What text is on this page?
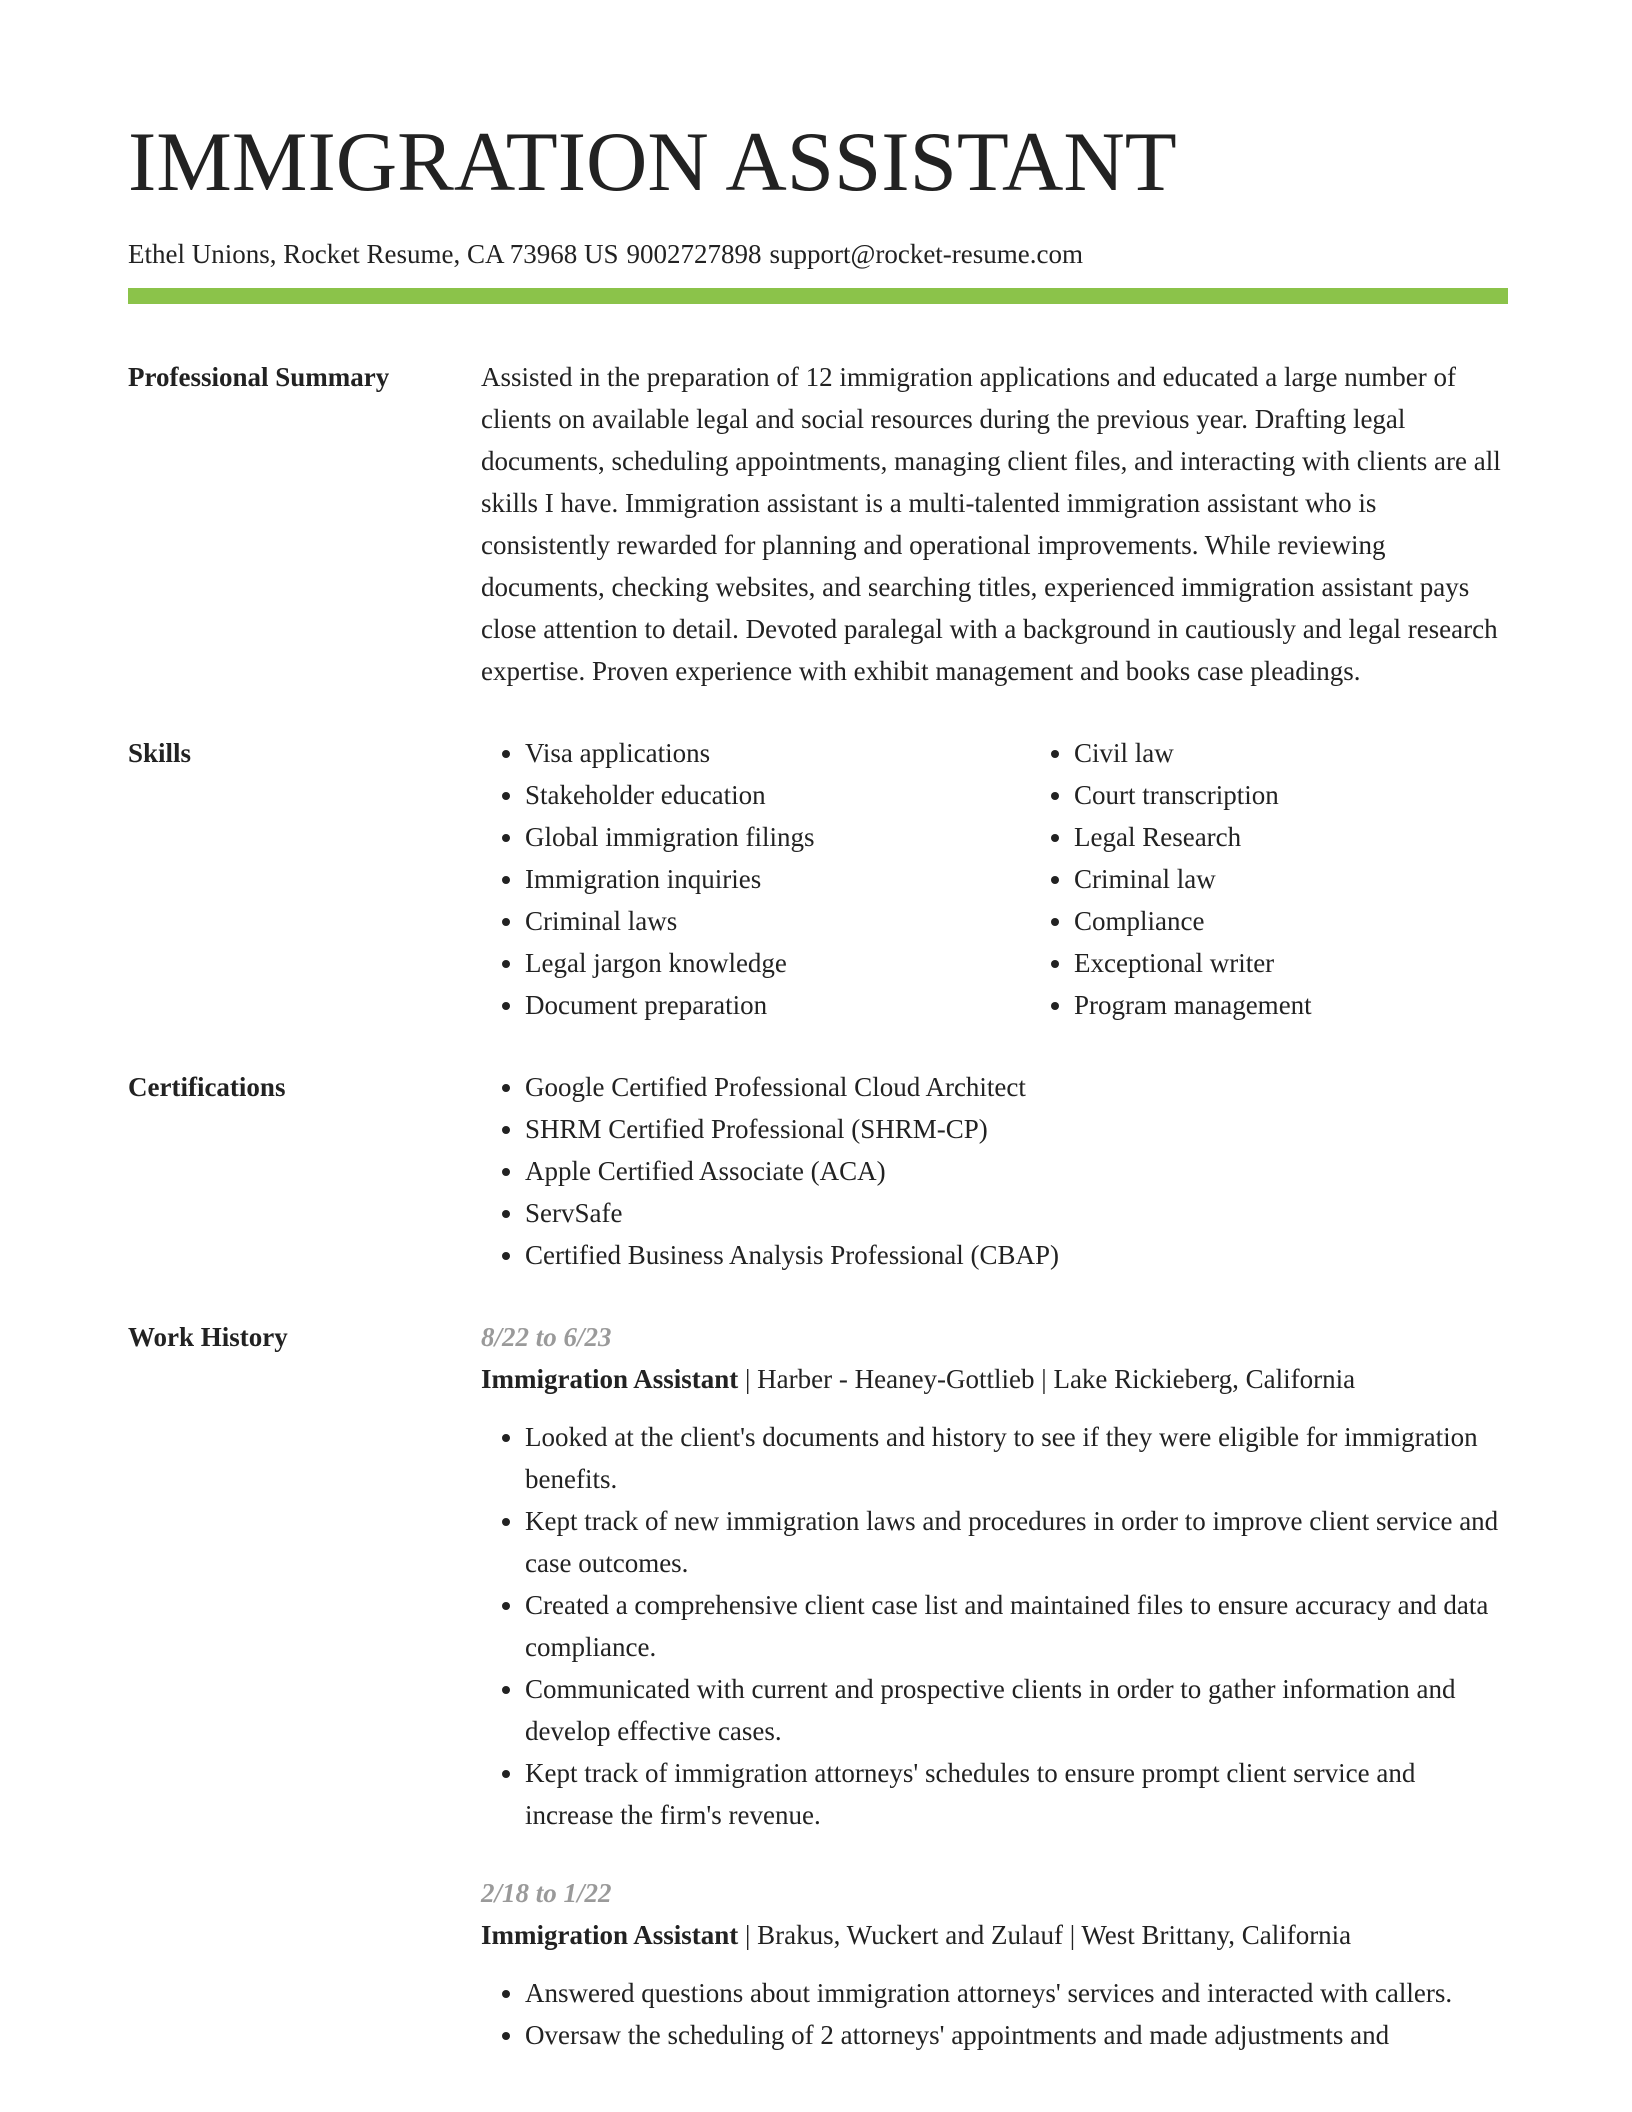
IMMIGRATION ASSISTANT
Ethel Unions, Rocket Resume, CA 73968 US 9002727898 support@rocket-resume.com
Professional Summary	Assisted in the preparation of 12 immigration applications and educated a large number of clients on available legal and social resources during the previous year. Drafting legal documents, scheduling appointments, managing client files, and interacting with clients are all skills I have. Immigration assistant is a multi-talented immigration assistant who is consistently rewarded for planning and operational improvements. While reviewing documents, checking websites, and searching titles, experienced immigration assistant pays close attention to detail. Devoted paralegal with a background in cautiously and legal research expertise. Proven experience with exhibit management and books case pleadings.

Skills	• Visa applications
• Stakeholder education
• Global immigration filings
• Immigration inquiries
• Criminal laws
• Legal jargon knowledge
• Document preparation
• Civil law
• Court transcription
• Legal Research
• Criminal law
• Compliance
• Exceptional writer
• Program management
Certifications	• Google Certified Professional Cloud Architect
• SHRM Certified Professional (SHRM-CP)
• Apple Certified Associate (ACA)
• ServSafe
• Certified Business Analysis Professional (CBAP)
Work History	8/22 to 6/23
Immigration Assistant | Harber - Heaney-Gottlieb | Lake Rickieberg, California
• Looked at the client's documents and history to see if they were eligible for immigration benefits.
• Kept track of new immigration laws and procedures in order to improve client service and case outcomes.
• Created a comprehensive client case list and maintained files to ensure accuracy and data compliance.
• Communicated with current and prospective clients in order to gather information and develop effective cases.
• Kept track of immigration attorneys' schedules to ensure prompt client service and increase the firm's revenue.
2/18 to 1/22
Immigration Assistant | Brakus, Wuckert and Zulauf | West Brittany, California
• Answered questions about immigration attorneys' services and interacted with callers.
• Oversaw the scheduling of 2 attorneys' appointments and made adjustments and
